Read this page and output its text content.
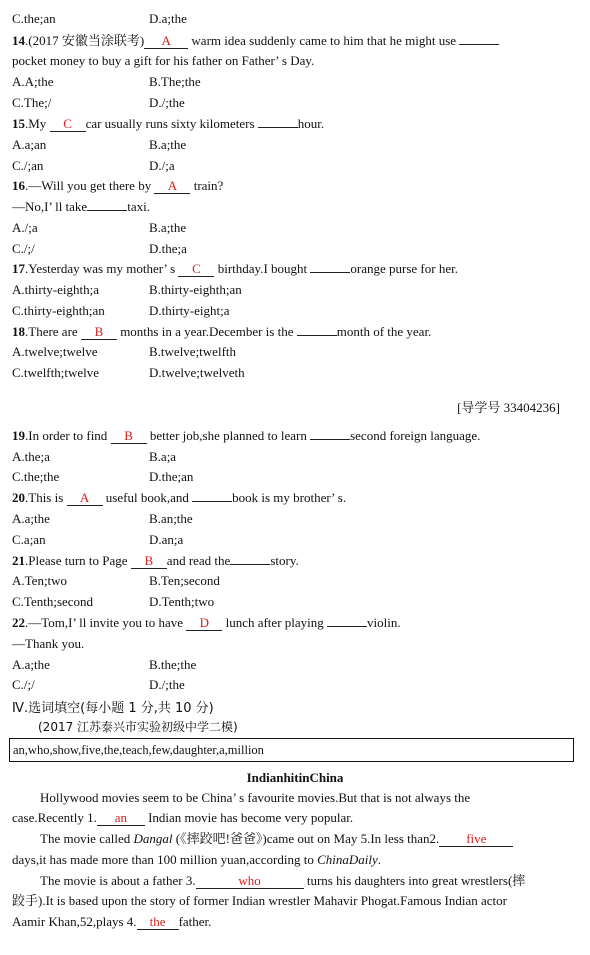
C.the;an	D.a;the
14.(2017 安徽当涂联考) A warm idea suddenly came to him that he might use
pocket money to buy a gift for his father on Father’ s Day.
A.A;the	B.The;the
C.The;/	D./;the
15.My C car usually runs sixty kilometers	hour.
A.a;an	B.a;the
C./;an	D./;a
16.—Will you get there by A train?
—No,I’ ll take	taxi.
A./;a	B.a;the
C./;/	D.the;a
17.Yesterday was my mother’ s C birthday.I bought	orange purse for her.
A.thirty-eighth;a	B.thirty-eighth;an
C.thirty-eighth;an	D.thirty-eight;a
18.There are B months in a year.December is the	month of the year.
A.twelve;twelve	B.twelve;twelfth
C.twelfth;twelve	D.twelve;twelveth
[导学号 33404236]
19.In order to find B better job,she planned to learn	second foreign language.
A.the;a	B.a;a
C.the;the	D.the;an
20.This is A useful book,and	book is my brother’ s.
A.a;the	B.an;the
C.a;an	D.an;a
21.Please turn to Page B and read the	story.
A.Ten;two	B.Ten;second
C.Tenth;second	D.Tenth;two
22.—Tom,I’ ll invite you to have D lunch after playing	violin.
—Thank you.
A.a;the	B.the;the
C./;/	D./;the
Ⅳ.选词填空(每小题 1 分,共 10 分)
(2017 江苏泰兴市实验初级中学二模)
an,who,show,five,the,teach,few,daughter,a,million
IndianhitinChina
Hollywood movies seem to be China’ s favourite movies.But that is not always the
case.Recently 1. an Indian movie has become very popular.
The movie called Dangal (《摔跤吧!爸爸》)came out on May 5.In less than2. five
days,it has made more than 100 million yuan,according to ChinaDaily.
The movie is about a father 3.	who	turns his daughters into great wrestlers(摔
跤手).It is based upon the story of former Indian wrestler Mahavir Phogat.Famous Indian actor
Aamir Khan,52,plays 4. the father.
